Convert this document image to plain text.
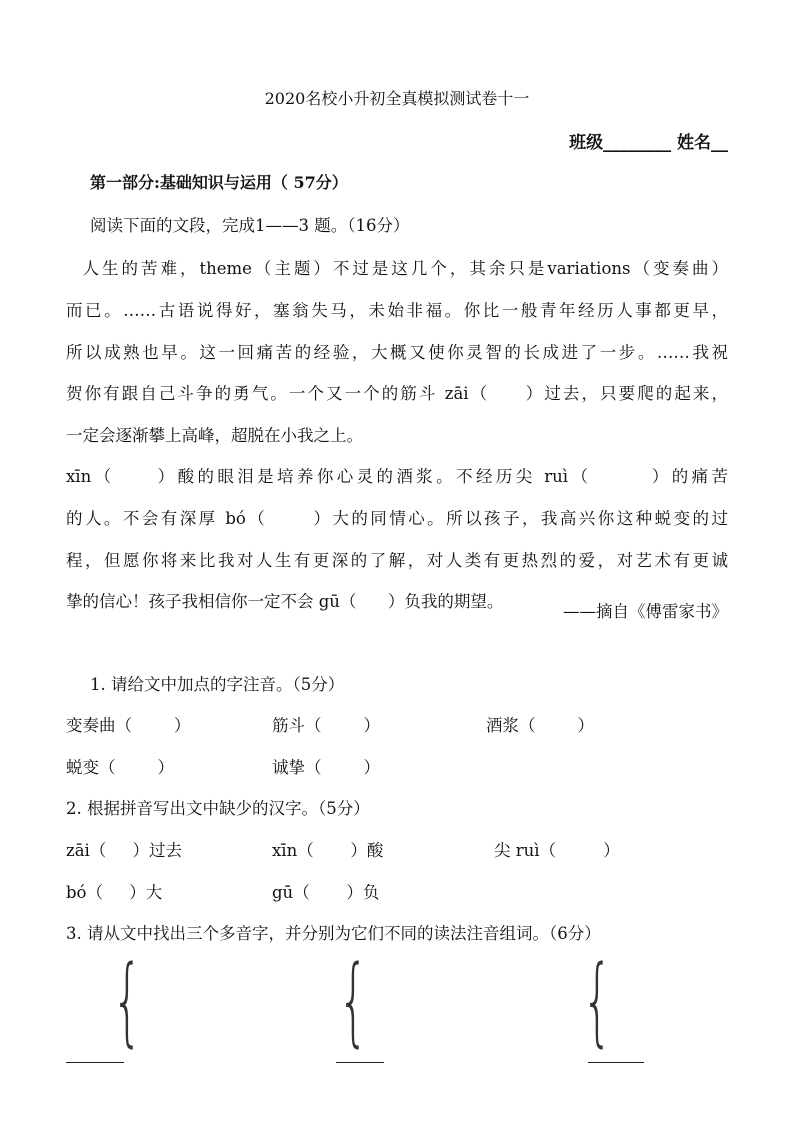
2020名校小升初全真模拟测试卷十一
班级________ 姓名__
第一部分:基础知识与运用（ 57分）
阅读下面的文段，完成1——3 题。（16分）
人生的苦难，theme（主题）不过是这几个，其余只是variations（变奏曲）
而已。……古语说得好，塞翁失马，未始非福。你比一般青年经历人事都更早，
所以成熟也早。这一回痛苦的经验，大概又使你灵智的长成进了一步。……我祝
贺你有跟自己斗争的勇气。一个又一个的筋斗 zāi（     ）过去，只要爬的起来，
一定会逐渐攀上高峰，超脱在小我之上。
xīn（     ）酸的眼泪是培养你心灵的酒浆。不经历尖 ruì（       ）的痛苦
的人。不会有深厚 bó（      ）大的同情心。所以孩子，我高兴你这种蜕变的过
程，但愿你将来比我对人生有更深的了解，对人类有更热烈的爱，对艺术有更诚
挚的信心！孩子我相信你一定不会 gū（      ）负我的期望。
——摘自《傅雷家书》
1. 请给文中加点的字注音。（5分）
变奏曲（        ）	筋斗（        ）	酒浆（        ）
蜕变（        ）	诚挚（        ）
2. 根据拼音写出文中缺少的汉字。（5分）
zāi（     ）过去	xīn（       ）酸	尖 ruì（         ）
bó（     ）大	gū（       ）负
3. 请从文中找出三个多音字，并分别为它们不同的读法注音组词。（6分）
{ { {
